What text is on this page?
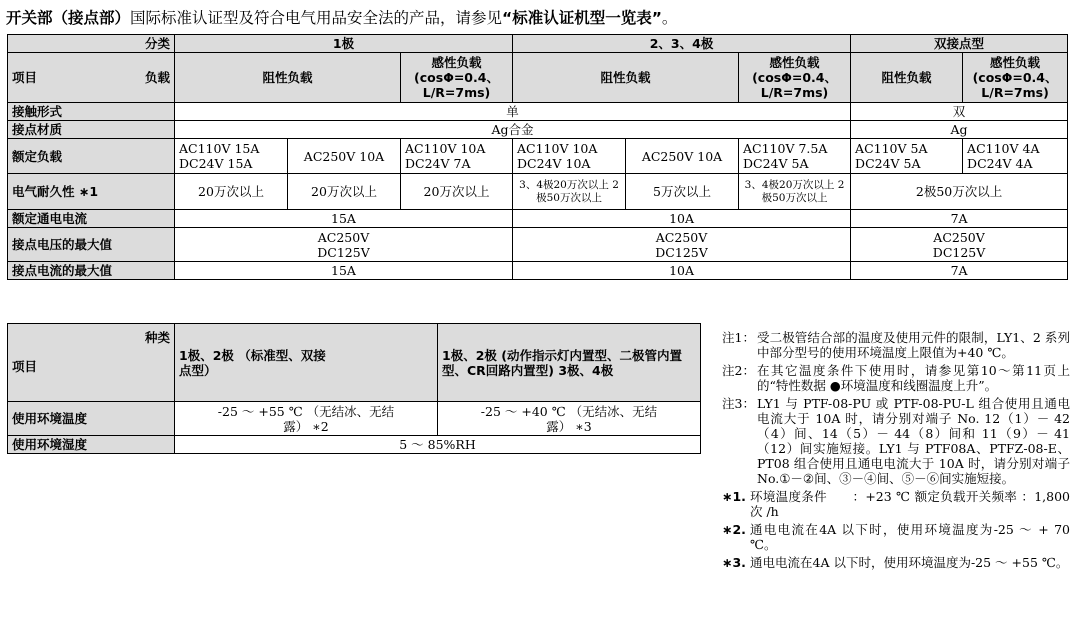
开关部（接点部）国际标准认证型及符合电气用品安全法的产品，请参见“标准认证机型一览表”。
分类	1极			2、3、4极			双接点型	

项目 负载	阻性负载		感性负载 (cosΦ=0.4、L/R=7ms)	阻性负载		感性负载 (cosΦ=0.4、L/R=7ms)	阻性负载	感性负载 (cosΦ=0.4、L/R=7ms)
接触形式	单						双	
接点材质	Ag合金						Ag	
额定负载	AC110V 15A DC24V 15A	AC250V 10A	AC110V 10A DC24V 7A	AC110V 10A DC24V 10A	AC250V 10A	AC110V 7.5A DC24V 5A	AC110V 5A DC24V 5A	AC110V 4A DC24V 4A
电气耐久性 ∗1	20万次以上	20万次以上	20万次以上	3、4极20万次以上 2极50万次以上	5万次以上	3、4极20万次以上 2极50万次以上	2极50万次以上	
额定通电电流	15A			10A			7A	
接点电压的最大值	AC250V DC125V			AC250V DC125V			AC250V DC125V	

接点电流的最大值	15A			10A			7A	
种类
项目	1极、2极 （标准型、双接点型）	1极、2极 (动作指示灯内置型、二极管内置型、CR回路内置型) 3极、4极
使用环境温度	-25 ～ +55 ℃ （无结冰、无结露） ∗2	-25 ～ +40 ℃ （无结冰、无结露） ∗3

使用环境湿度	5 ～ 85%RH	
注1： 受二极管结合部的温度及使用元件的限制，LY1、2 系列中部分型号的使用环境温度上限值为+40 ℃。
注2： 在其它温度条件下使用时，请参见第10～第11页上的“特性数据 ●环境温度和线圈温度上升”。
注3： LY1 与 PTF-08-PU 或 PTF-08-PU-L 组合使用且通电电流大于 10A 时，请分别对端子 No. 12（1）－ 42（4）间、14（5）－ 44（8）间和 11（9）－ 41（12）间实施短接。LY1 与 PTF08A、PTFZ-08-E、PT08 组合使用且通电电流大于 10A 时，请分别对端子 No.①－②间、③－④间、⑤－⑥间实施短接。
∗1. 环境温度条件　　：+23 ℃ 额定负载开关频率 ：1,800 次 /h
∗2. 通电电流在4A 以下时，使用环境温度为-25 ～ + 70 ℃。
∗3. 通电电流在4A 以下时，使用环境温度为-25 ～ +55 ℃。
